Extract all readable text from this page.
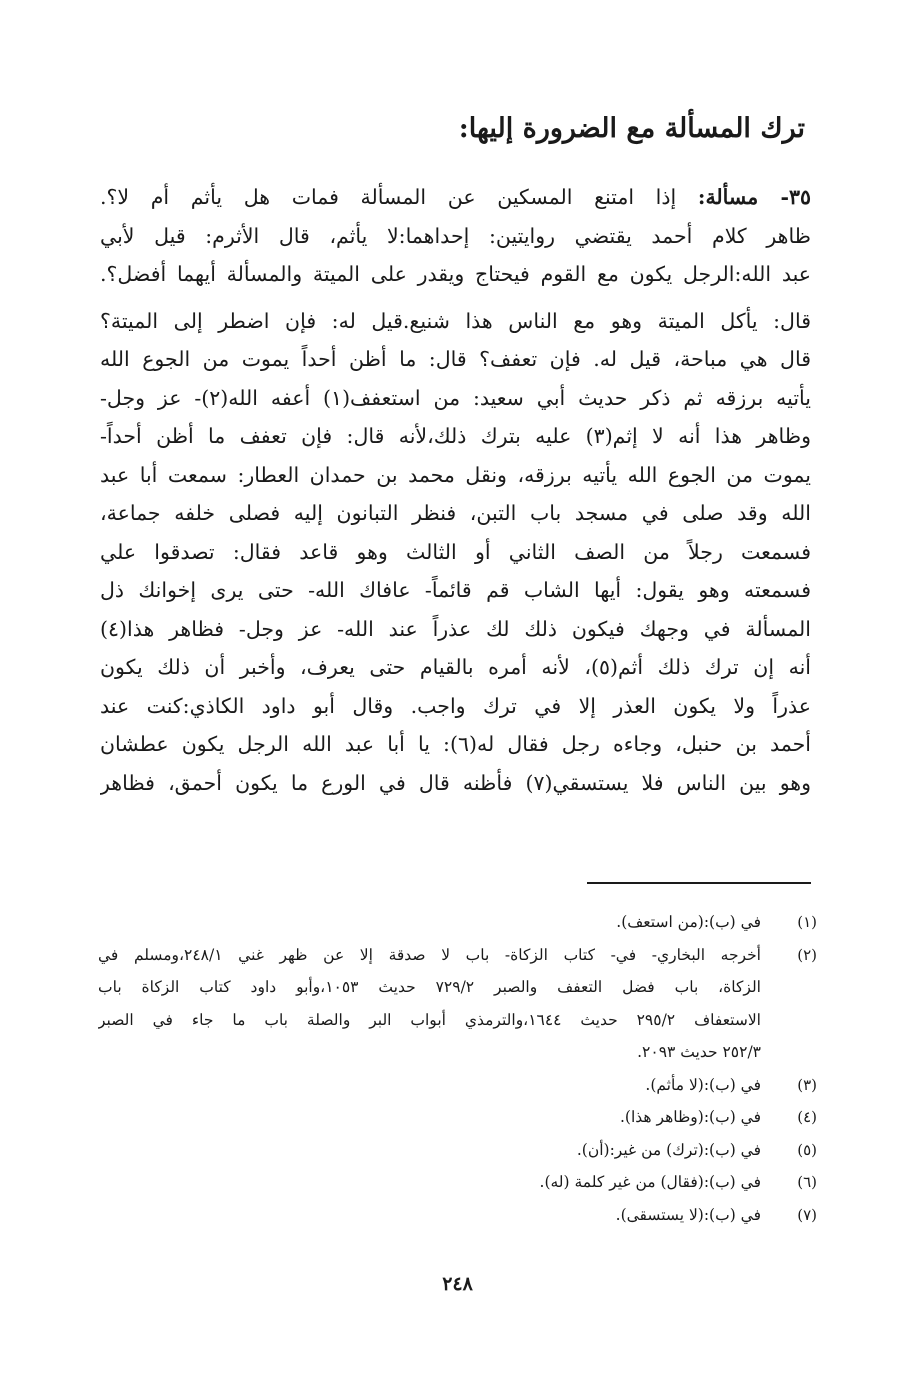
ترك المسألة مع الضرورة إليها:
٣٥- مسألة: إذا امتنع المسكين عن المسألة فمات هل يأثم أم لا؟.
ظاهر كلام أحمد يقتضي روايتين: إحداهما:لا يأثم، قال الأثرم: قيل لأبي
عبد الله:الرجل يكون مع القوم فيحتاج ويقدر على الميتة والمسألة أيهما أفضل؟.
قال: يأكل الميتة وهو مع الناس هذا شنيع.قيل له: فإن اضطر إلى الميتة؟
قال هي مباحة، قيل له. فإن تعفف؟ قال: ما أظن أحداً يموت من الجوع الله
يأتيه برزقه ثم ذكر حديث أبي سعيد: من استعفف(١) أعفه الله(٢)- عز وجل-
وظاهر هذا أنه لا إثم(٣) عليه بترك ذلك،لأنه قال: فإن تعفف ما أظن أحداً-
يموت من الجوع الله يأتيه برزقه، ونقل محمد بن حمدان العطار: سمعت أبا عبد
الله وقد صلى في مسجد باب التبن، فنظر التبانون إليه فصلى خلفه جماعة،
فسمعت رجلاً من الصف الثاني أو الثالث وهو قاعد فقال: تصدقوا علي
فسمعته وهو يقول: أيها الشاب قم قائماً- عافاك الله- حتى يرى إخوانك ذل
المسألة في وجهك فيكون ذلك لك عذراً عند الله- عز وجل- فظاهر هذا(٤)
أنه إن ترك ذلك أثم(٥)، لأنه أمره بالقيام حتى يعرف، وأخبر أن ذلك يكون
عذراً ولا يكون العذر إلا في ترك واجب. وقال أبو داود الكاذي:كنت عند
أحمد بن حنبل، وجاءه رجل فقال له(٦): يا أبا عبد الله الرجل يكون عطشان
وهو بين الناس فلا يستسقي(٧) فأظنه قال في الورع ما يكون أحمق، فظاهر
(١)
في (ب):(من استعف).
(٢)
أخرجه البخاري- في- كتاب الزكاة- باب لا صدقة إلا عن ظهر غني ٢٤٨/١،ومسلم في
الزكاة، باب فضل التعفف والصبر ٧٢٩/٢ حديث ١٠٥٣،وأبو داود كتاب الزكاة باب
الاستعفاف ٢٩٥/٢ حديث ١٦٤٤،والترمذي أبواب البر والصلة باب ما جاء في الصبر
٢٥٢/٣ حديث ٢٠٩٣.
(٣)
في (ب):(لا مأثم).
(٤)
في (ب):(وظاهر هذا).
(٥)
في (ب):(ترك) من غير:(أن).
(٦)
في (ب):(فقال) من غير كلمة (له).
(٧)
في (ب):(لا يستسقى).
٢٤٨
